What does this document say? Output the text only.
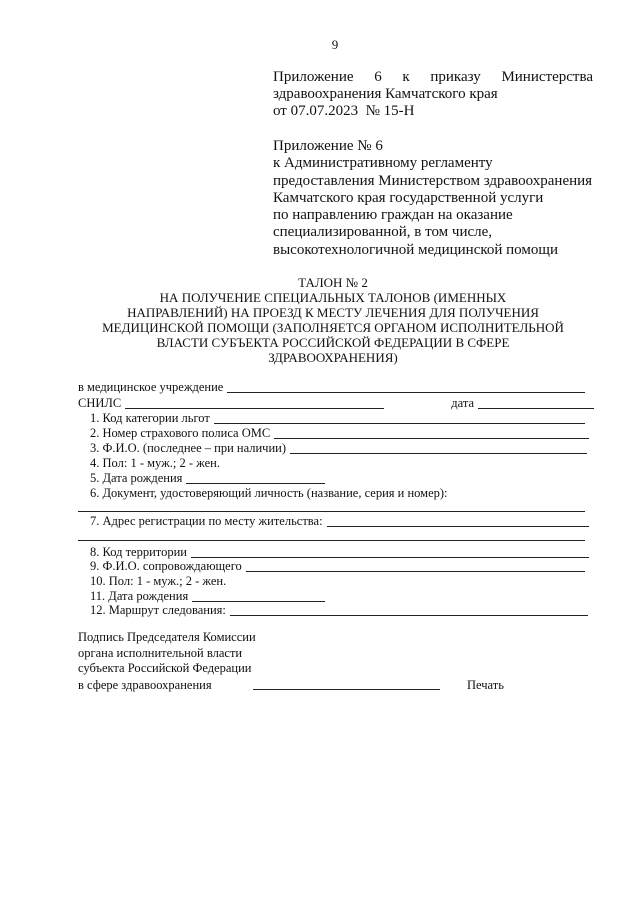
9
Приложение 6 к приказу Министерства
здравоохранения Камчатского края
от 07.07.2023  № 15-Н
Приложение № 6
к Административному регламенту
предоставления Министерством здравоохранения
Камчатского края государственной услуги
по направлению граждан на оказание
специализированной, в том числе,
высокотехнологичной медицинской помощи
ТАЛОН № 2
НА ПОЛУЧЕНИЕ СПЕЦИАЛЬНЫХ ТАЛОНОВ (ИМЕННЫХ
НАПРАВЛЕНИЙ) НА ПРОЕЗД К МЕСТУ ЛЕЧЕНИЯ ДЛЯ ПОЛУЧЕНИЯ
МЕДИЦИНСКОЙ ПОМОЩИ (ЗАПОЛНЯЕТСЯ ОРГАНОМ ИСПОЛНИТЕЛЬНОЙ
ВЛАСТИ СУБЪЕКТА РОССИЙСКОЙ ФЕДЕРАЦИИ В СФЕРЕ
ЗДРАВООХРАНЕНИЯ)
в медицинское учреждение
СНИЛС	дата
1. Код категории льгот
2. Номер страхового полиса ОМС
3. Ф.И.О. (последнее – при наличии)
4. Пол: 1 - муж.; 2 - жен.
5. Дата рождения
6. Документ, удостоверяющий личность (название, серия и номер):
7. Адрес регистрации по месту жительства:
8. Код территории
9. Ф.И.О. сопровождающего
10. Пол: 1 - муж.; 2 - жен.
11. Дата рождения
12. Маршрут следования:
Подпись Председателя Комиссии
органа исполнительной власти
субъекта Российской Федерации
в сфере здравоохранения	Печать
